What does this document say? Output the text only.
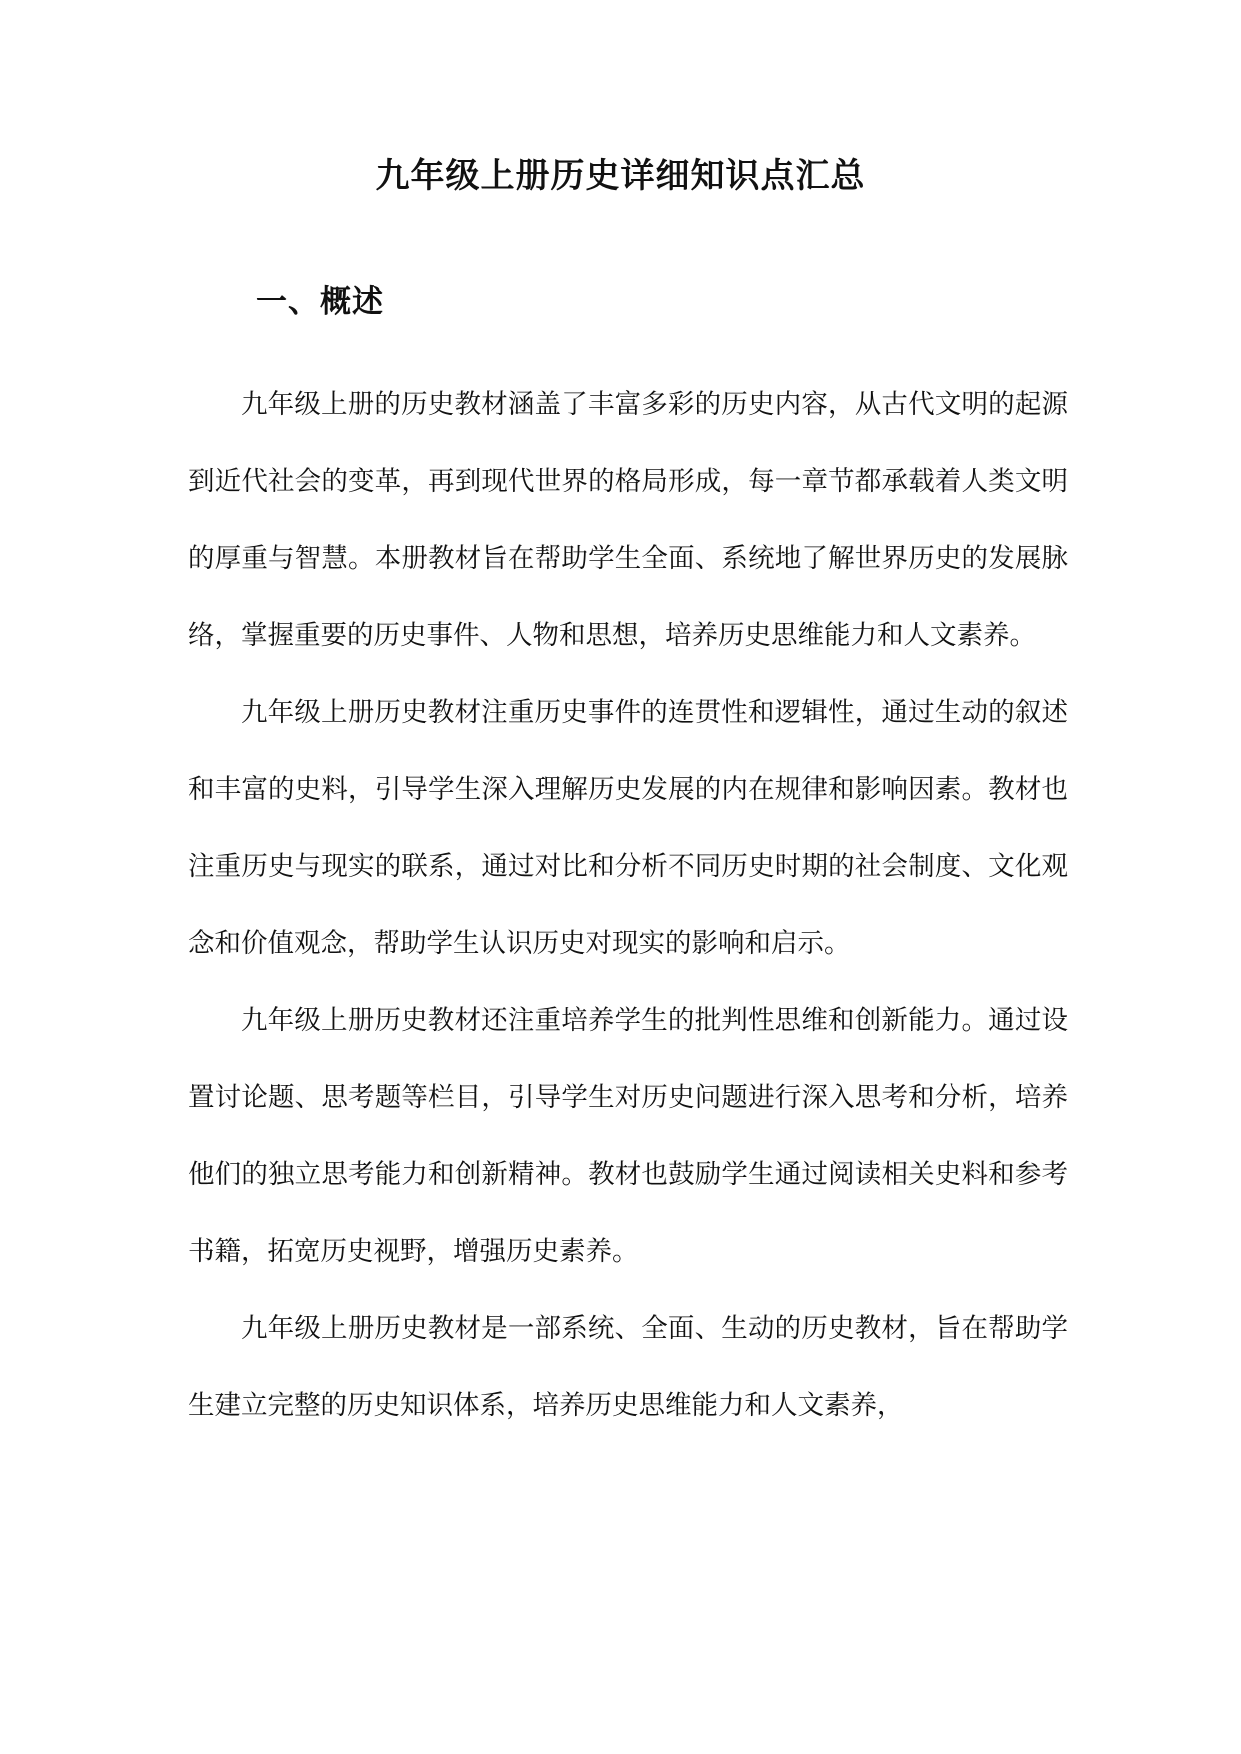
九年级上册历史详细知识点汇总
一、概述

九年级上册的历史教材涵盖了丰富多彩的历史内容，从古代文明的起源到近代社会的变革，再到现代世界的格局形成，每一章节都承载着人类文明的厚重与智慧。本册教材旨在帮助学生全面、系统地了解世界历史的发展脉络，掌握重要的历史事件、人物和思想，培养历史思维能力和人文素养。

九年级上册历史教材注重历史事件的连贯性和逻辑性，通过生动的叙述和丰富的史料，引导学生深入理解历史发展的内在规律和影响因素。教材也注重历史与现实的联系，通过对比和分析不同历史时期的社会制度、文化观念和价值观念，帮助学生认识历史对现实的影响和启示。

九年级上册历史教材还注重培养学生的批判性思维和创新能力。通过设置讨论题、思考题等栏目，引导学生对历史问题进行深入思考和分析，培养他们的独立思考能力和创新精神。教材也鼓励学生通过阅读相关史料和参考书籍，拓宽历史视野，增强历史素养。

九年级上册历史教材是一部系统、全面、生动的历史教材，旨在帮助学生建立完整的历史知识体系，培养历史思维能力和人文素养，
